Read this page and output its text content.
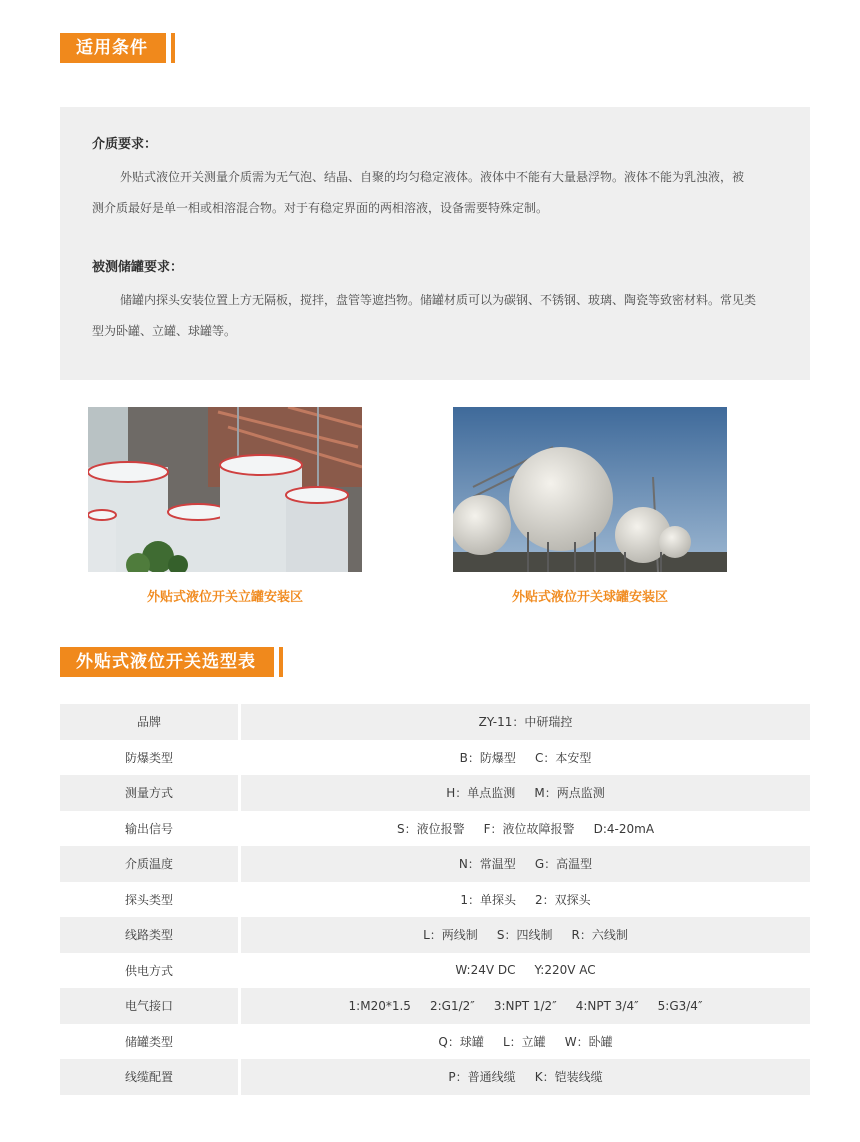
适用条件
介质要求：

外贴式液位开关测量介质需为无气泡、结晶、自聚的均匀稳定液体。液体中不能有大量悬浮物。液体不能为乳浊液，被

测介质最好是单一相或相溶混合物。对于有稳定界面的两相溶液，设备需要特殊定制。

被测储罐要求：

储罐内探头安装位置上方无隔板，搅拌，盘管等遮挡物。储罐材质可以为碳钢、不锈钢、玻璃、陶瓷等致密材料。常见类

型为卧罐、立罐、球罐等。

外贴式液位开关立罐安装区	外贴式液位开关球罐安装区
外贴式液位开关选型表
品牌	ZY-11：中研瑞控
防爆类型	B：防爆型     C：本安型
测量方式	H：单点监测     M：两点监测
输出信号	S：液位报警     F：液位故障报警     D:4-20mA
介质温度	N：常温型     G：高温型
探头类型	1：单探头     2：双探头
线路类型	L：两线制     S：四线制     R：六线制
供电方式	W:24V DC     Y:220V AC
电气接口	1:M20*1.5     2:G1/2″     3:NPT 1/2″     4:NPT 3/4″     5:G3/4″
储罐类型	Q：球罐     L：立罐     W：卧罐
线缆配置	P：普通线缆     K：铠装线缆
